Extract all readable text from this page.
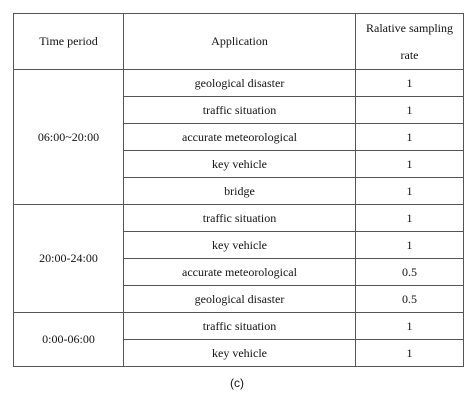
Time period	Application	Ralative sampling
rate

06:00~20:00	geological disaster	1
	traffic situation	1
	accurate meteorological	1
	key vehicle	1
	bridge	1
20:00-24:00	traffic situation	1
	key vehicle	1
	accurate meteorological	0.5
	geological disaster	0.5
0:00-06:00	traffic situation	1
	key vehicle	1
(c)
